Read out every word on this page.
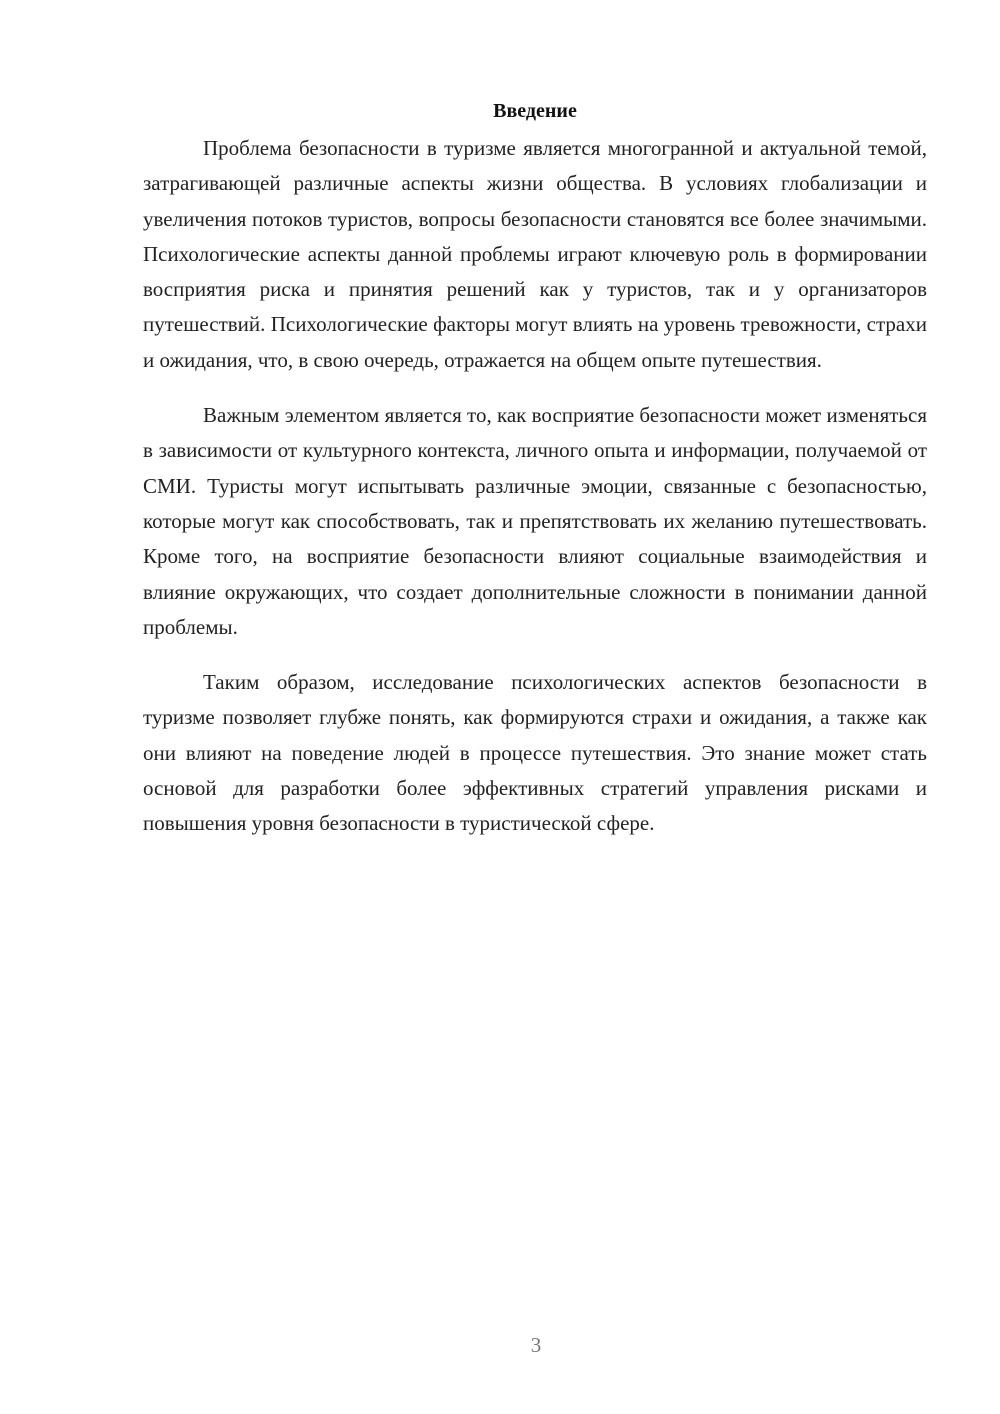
Введение

Проблема безопасности в туризме является многогранной и актуальной темой, затрагивающей различные аспекты жизни общества. В условиях глобализации и увеличения потоков туристов, вопросы безопасности становятся все более значимыми. Психологические аспекты данной проблемы играют ключевую роль в формировании восприятия риска и принятия решений как у туристов, так и у организаторов путешествий. Психологические факторы могут влиять на уровень тревожности, страхи и ожидания, что, в свою очередь, отражается на общем опыте путешествия.

Важным элементом является то, как восприятие безопасности может изменяться в зависимости от культурного контекста, личного опыта и информации, получаемой от СМИ. Туристы могут испытывать различные эмоции, связанные с безопасностью, которые могут как способствовать, так и препятствовать их желанию путешествовать. Кроме того, на восприятие безопасности влияют социальные взаимодействия и влияние окружающих, что создает дополнительные сложности в понимании данной проблемы.

Таким образом, исследование психологических аспектов безопасности в туризме позволяет глубже понять, как формируются страхи и ожидания, а также как они влияют на поведение людей в процессе путешествия. Это знание может стать основой для разработки более эффективных стратегий управления рисками и повышения уровня безопасности в туристической сфере.

3
